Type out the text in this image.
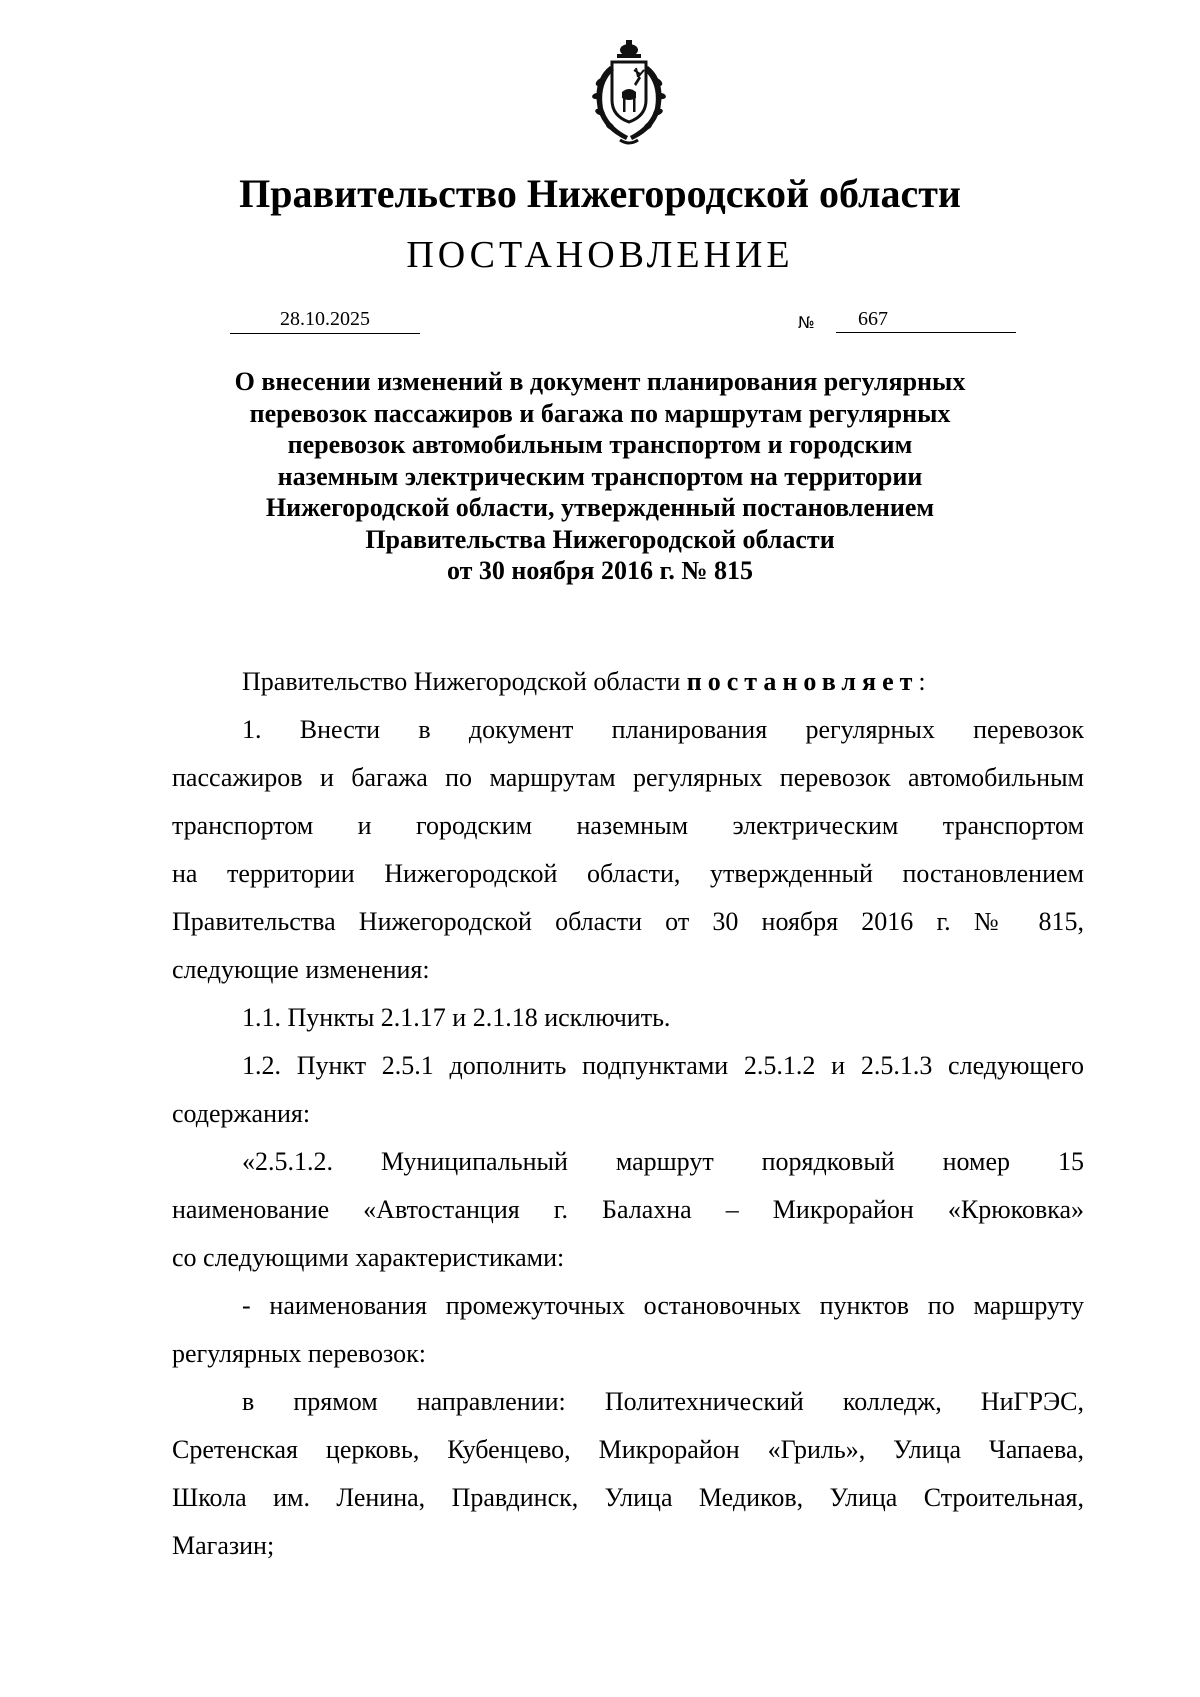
Правительство Нижегородской области
ПОСТАНОВЛЕНИЕ
28.10.2025	№	667
О внесении изменений в документ планирования регулярных
перевозок пассажиров и багажа по маршрутам регулярных
перевозок автомобильным транспортом и городским
наземным электрическим транспортом на территории
Нижегородской области, утвержденный постановлением
Правительства Нижегородской области
от 30 ноября 2016 г. № 815
Правительство Нижегородской области постановляет:
1. Внести в документ планирования регулярных перевозок
пассажиров и багажа по маршрутам регулярных перевозок автомобильным
транспортом и городским наземным электрическим транспортом
на территории Нижегородской области, утвержденный постановлением
Правительства Нижегородской области от 30 ноября 2016 г. № 815,
следующие изменения:
1.1. Пункты 2.1.17 и 2.1.18 исключить.
1.2. Пункт 2.5.1 дополнить подпунктами 2.5.1.2 и 2.5.1.3 следующего
содержания:
«2.5.1.2. Муниципальный маршрут порядковый номер 15
наименование «Автостанция г. Балахна – Микрорайон «Крюковка»
со следующими характеристиками:
- наименования промежуточных остановочных пунктов по маршруту
регулярных перевозок:
в прямом направлении: Политехнический колледж, НиГРЭС,
Сретенская церковь, Кубенцево, Микрорайон «Гриль», Улица Чапаева,
Школа им. Ленина, Правдинск, Улица Медиков, Улица Строительная,
Магазин;
